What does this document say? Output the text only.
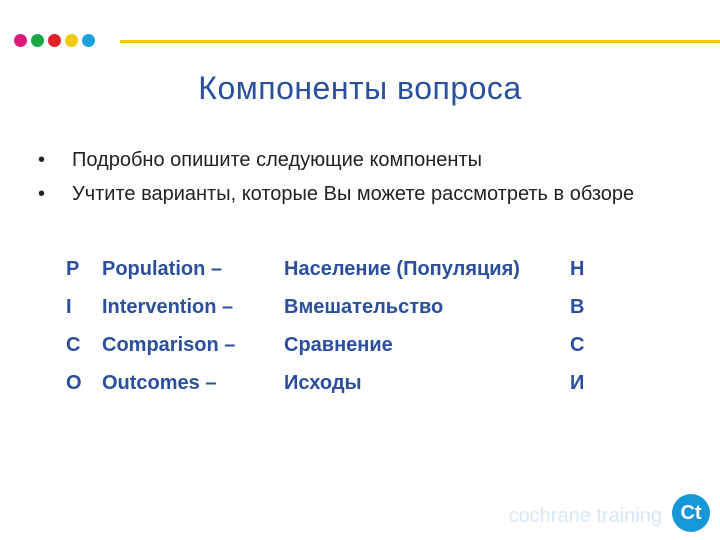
Компоненты вопроса
•	Подробно опишите следующие компоненты
•	Учтите варианты, которые Вы можете рассмотреть в обзоре
P Population –	Население (Популяция)	Н
I Intervention –	Вмешательство	В
C Comparison – Сравнение	С
O Outcomes –	Исходы	И
cochrane training Ct
